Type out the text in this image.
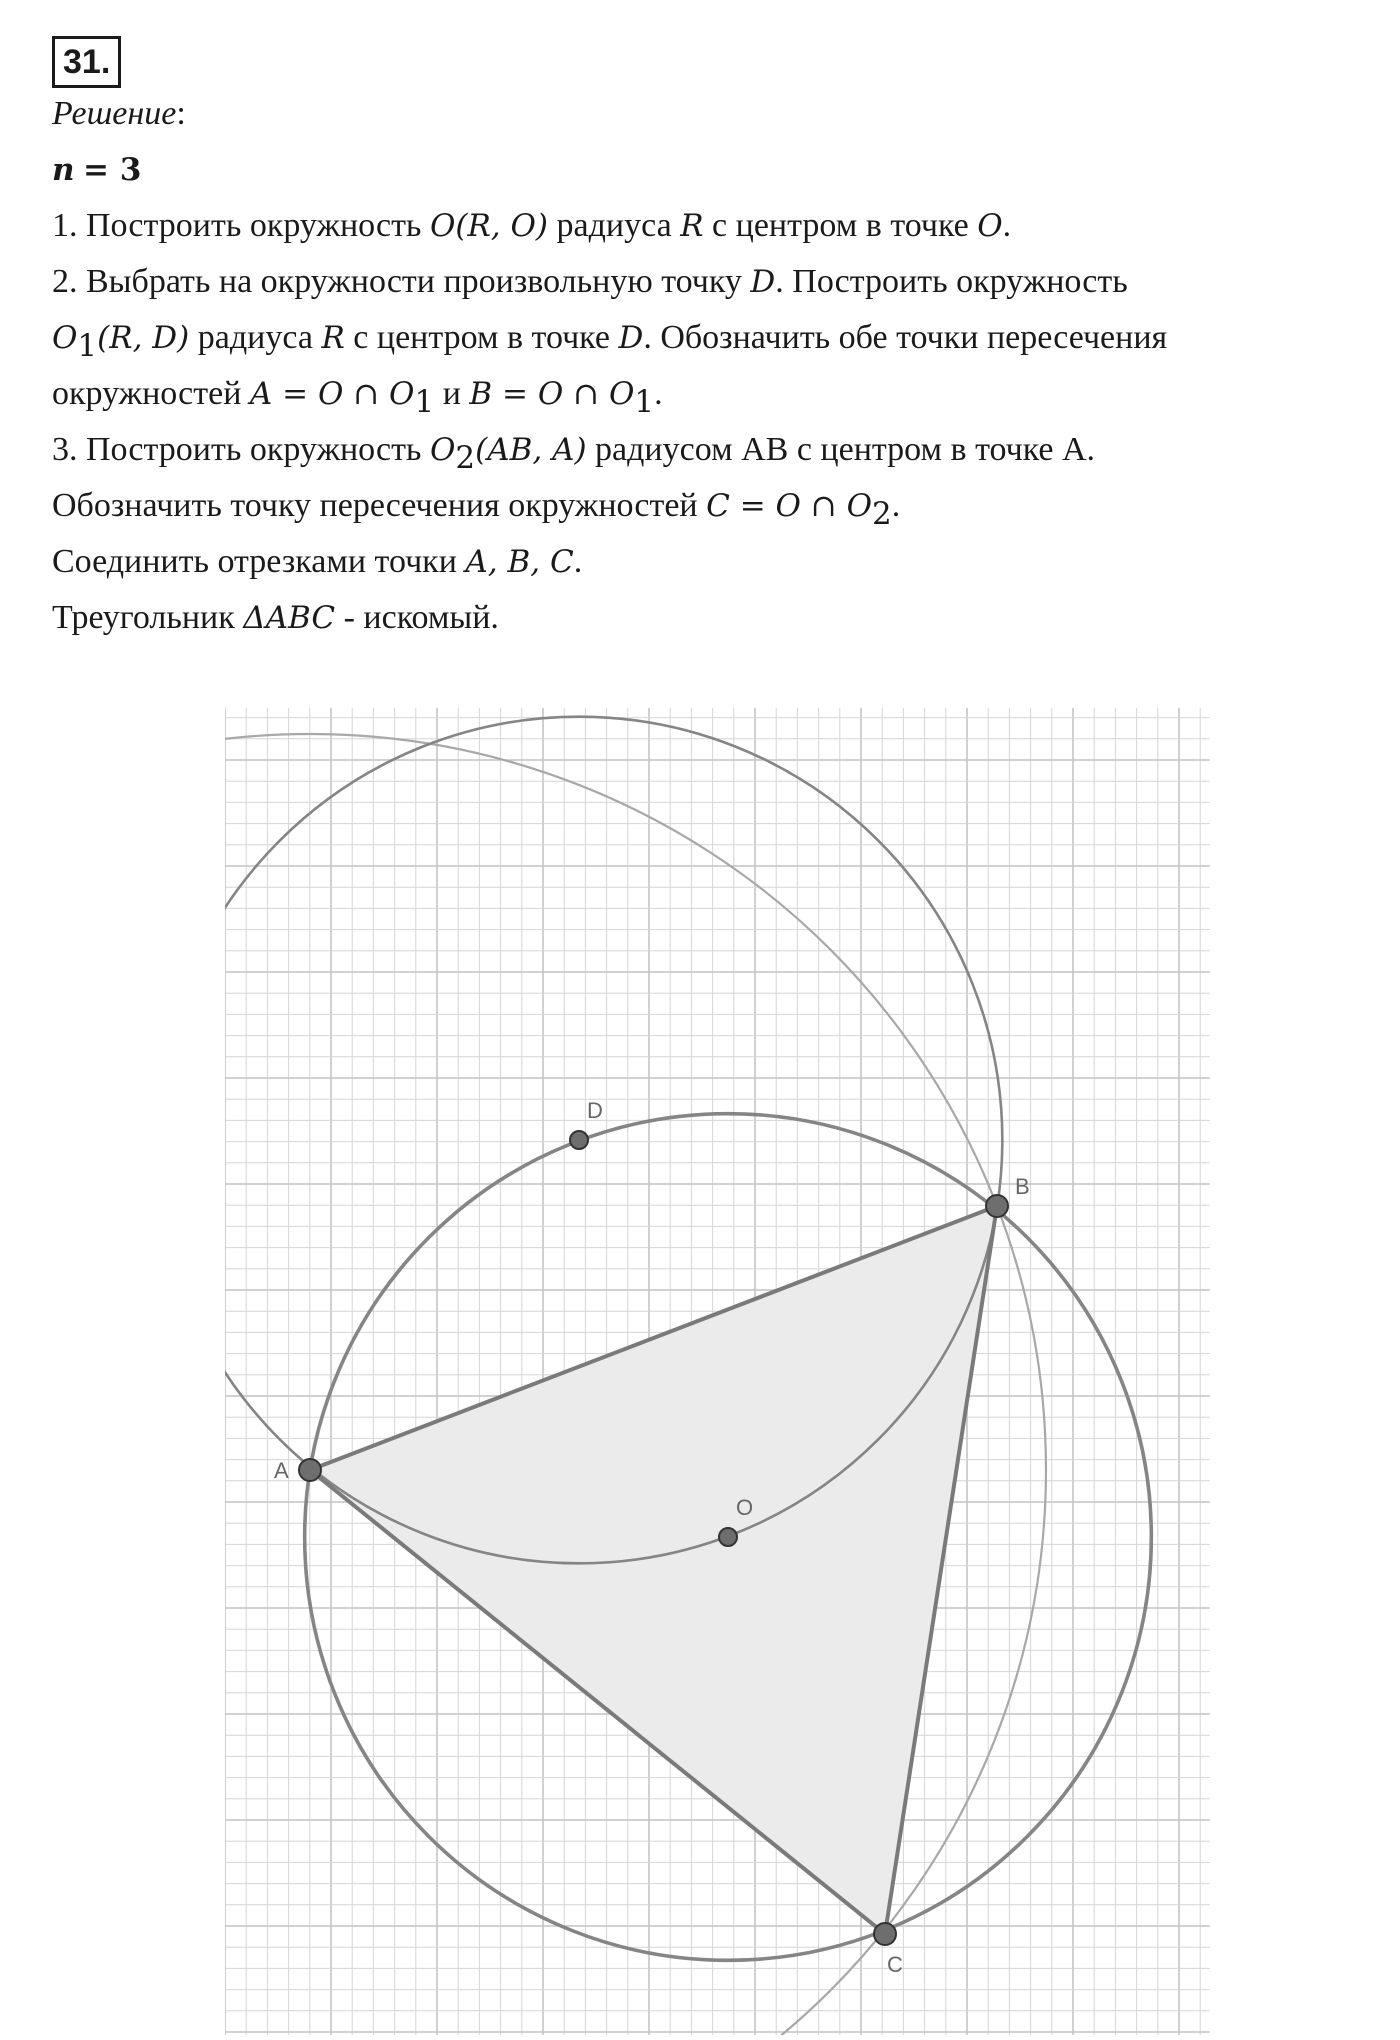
31.
Решение:
n = 3
1. Построить окружность O(R, O) радиуса R с центром в точке O.
2. Выбрать на окружности произвольную точку D. Построить окружность
$O_1(R$, D) радиуса R с центром в точке D. Обозначить обе точки пересечения
окружностей A = O ∩ $O_1$ и B = O ∩ $O_1$.
3. Построить окружность $O_2(AB$, A) радиусом АВ с центром в точке А.
Обозначить точку пересечения окружностей C = O ∩ $O_2$.
Соединить отрезками точки A, B, C.
Треугольник ΔABC - искомый.
A
B
C
D
O
